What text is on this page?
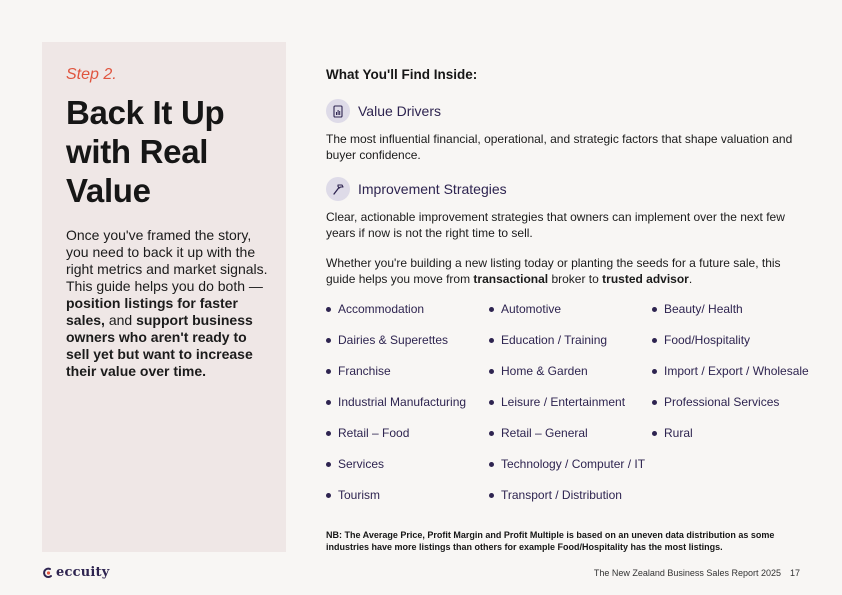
Step 2.
Back It Up
with Real
Value
Once you've framed the story, you need to back it up with the right metrics and market signals. This guide helps you do both — position listings for faster sales, and support business owners who aren't ready to sell yet but want to increase their value over time.
What You'll Find Inside:
Value Drivers
The most influential financial, operational, and strategic factors that shape valuation and buyer confidence.
Improvement Strategies
Clear, actionable improvement strategies that owners can implement over the next few years if now is not the right time to sell.
Whether you're building a new listing today or planting the seeds for a future sale, this guide helps you move from transactional broker to trusted advisor.
Accommodation
Dairies & Superettes
Franchise
Industrial Manufacturing
Retail – Food
Services
Tourism
Automotive
Education / Training
Home & Garden
Leisure / Entertainment
Retail – General
Technology / Computer / IT
Transport / Distribution
Beauty/ Health
Food/Hospitality
Import / Export / Wholesale
Professional Services
Rural
NB: The Average Price, Profit Margin and Profit Multiple is based on an uneven data distribution as some industries have more listings than others for example Food/Hospitality has the most listings.
eccuity	The New Zealand Business Sales Report 2025 17
